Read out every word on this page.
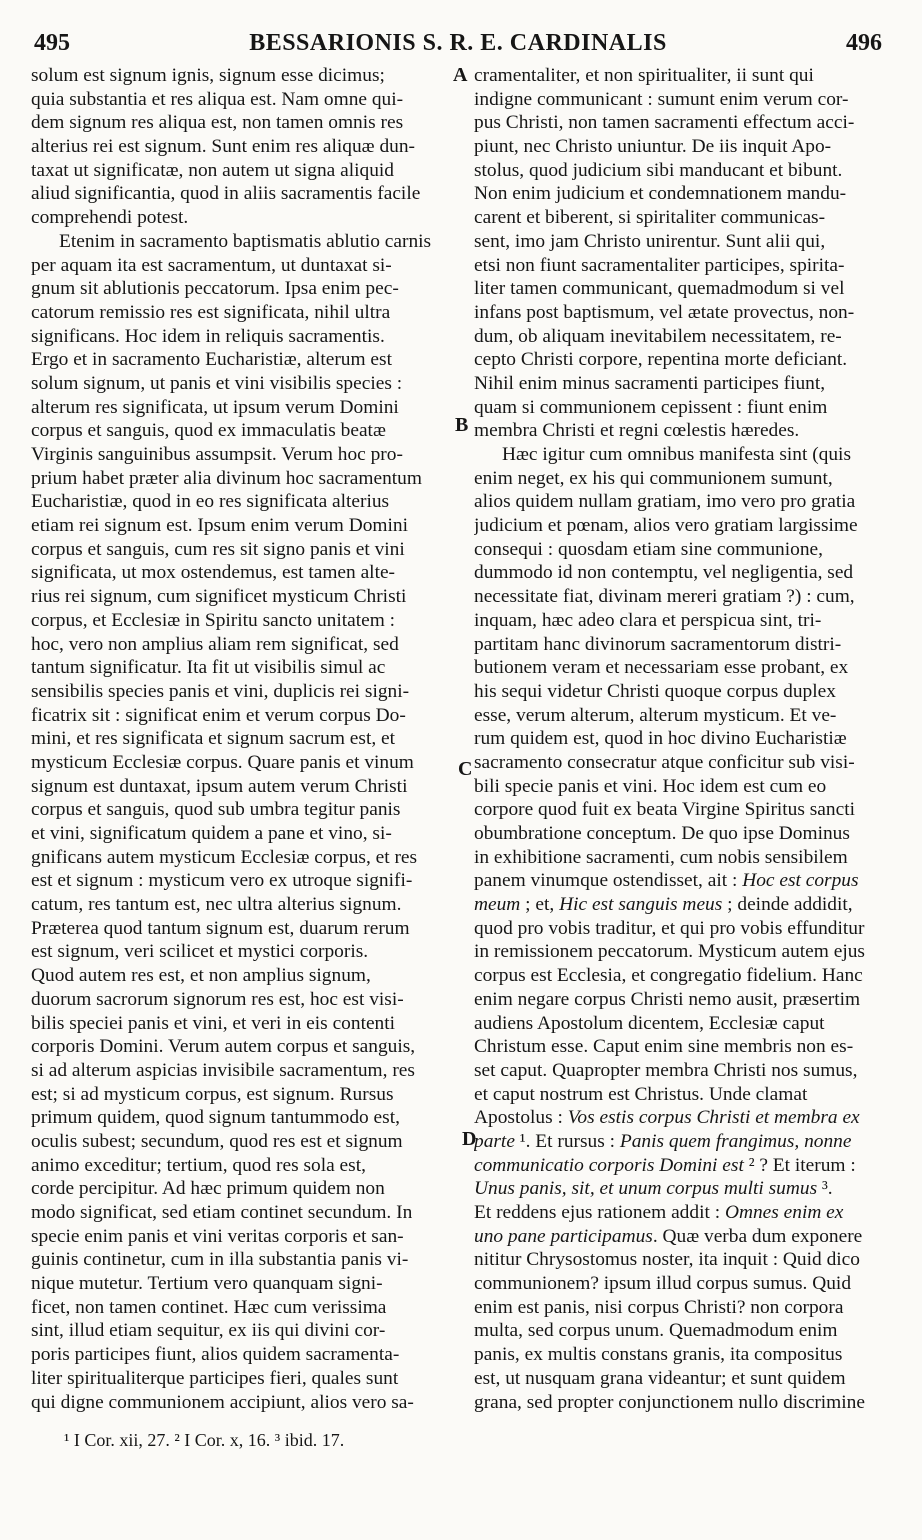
495	BESSARIONIS S. R. E. CARDINALIS	496
solum est signum ignis, signum esse dicimus;
quia substantia et res aliqua est. Nam omne qui-
dem signum res aliqua est, non tamen omnis res
alterius rei est signum. Sunt enim res aliquæ dun-
taxat ut significatæ, non autem ut signa aliquid
aliud significantia, quod in aliis sacramentis facile
comprehendi potest.
Etenim in sacramento baptismatis ablutio carnis
per aquam ita est sacramentum, ut duntaxat si-
gnum sit ablutionis peccatorum. Ipsa enim pec-
catorum remissio res est significata, nihil ultra
significans. Hoc idem in reliquis sacramentis.
Ergo et in sacramento Eucharistiæ, alterum est
solum signum, ut panis et vini visibilis species :
alterum res significata, ut ipsum verum Domini
corpus et sanguis, quod ex immaculatis beatæ
Virginis sanguinibus assumpsit. Verum hoc pro-
prium habet præter alia divinum hoc sacramentum
Eucharistiæ, quod in eo res significata alterius
etiam rei signum est. Ipsum enim verum Domini
corpus et sanguis, cum res sit signo panis et vini
significata, ut mox ostendemus, est tamen alte-
rius rei signum, cum significet mysticum Christi
corpus, et Ecclesiæ in Spiritu sancto unitatem :
hoc, vero non amplius aliam rem significat, sed
tantum significatur. Ita fit ut visibilis simul ac
sensibilis species panis et vini, duplicis rei signi-
ficatrix sit : significat enim et verum corpus Do-
mini, et res significata et signum sacrum est, et
mysticum Ecclesiæ corpus. Quare panis et vinum
signum est duntaxat, ipsum autem verum Christi
corpus et sanguis, quod sub umbra tegitur panis
et vini, significatum quidem a pane et vino, si-
gnificans autem mysticum Ecclesiæ corpus, et res
est et signum : mysticum vero ex utroque signifi-
catum, res tantum est, nec ultra alterius signum.
Præterea quod tantum signum est, duarum rerum
est signum, veri scilicet et mystici corporis.
Quod autem res est, et non amplius signum,
duorum sacrorum signorum res est, hoc est visi-
bilis speciei panis et vini, et veri in eis contenti
corporis Domini. Verum autem corpus et sanguis,
si ad alterum aspicias invisibile sacramentum, res
est; si ad mysticum corpus, est signum. Rursus
primum quidem, quod signum tantummodo est,
oculis subest; secundum, quod res est et signum
animo exceditur; tertium, quod res sola est,
corde percipitur. Ad hæc primum quidem non
modo significat, sed etiam continet secundum. In
specie enim panis et vini veritas corporis et san-
guinis continetur, cum in illa substantia panis vi-
nique mutetur. Tertium vero quanquam signi-
ficet, non tamen continet. Hæc cum verissima
sint, illud etiam sequitur, ex iis qui divini cor-
poris participes fiunt, alios quidem sacramenta-
liter spiritualiterque participes fieri, quales sunt
qui digne communionem accipiunt, alios vero sa-
cramentaliter, et non spiritualiter, ii sunt qui
indigne communicant : sumunt enim verum cor-
pus Christi, non tamen sacramenti effectum acci-
piunt, nec Christo uniuntur. De iis inquit Apo-
stolus, quod judicium sibi manducant et bibunt.
Non enim judicium et condemnationem mandu-
carent et biberent, si spiritaliter communicas-
sent, imo jam Christo unirentur. Sunt alii qui,
etsi non fiunt sacramentaliter participes, spirita-
liter tamen communicant, quemadmodum si vel
infans post baptismum, vel ætate provectus, non-
dum, ob aliquam inevitabilem necessitatem, re-
cepto Christi corpore, repentina morte deficiant.
Nihil enim minus sacramenti participes fiunt,
quam si communionem cepissent : fiunt enim
membra Christi et regni cœlestis hæredes.
Hæc igitur cum omnibus manifesta sint (quis
enim neget, ex his qui communionem sumunt,
alios quidem nullam gratiam, imo vero pro gratia
judicium et pœnam, alios vero gratiam largissime
consequi : quosdam etiam sine communione,
dummodo id non contemptu, vel negligentia, sed
necessitate fiat, divinam mereri gratiam ?) : cum,
inquam, hæc adeo clara et perspicua sint, tri-
partitam hanc divinorum sacramentorum distri-
butionem veram et necessariam esse probant, ex
his sequi videtur Christi quoque corpus duplex
esse, verum alterum, alterum mysticum. Et ve-
rum quidem est, quod in hoc divino Eucharistiæ
sacramento consecratur atque conficitur sub visi-
bili specie panis et vini. Hoc idem est cum eo
corpore quod fuit ex beata Virgine Spiritus sancti
obumbratione conceptum. De quo ipse Dominus
in exhibitione sacramenti, cum nobis sensibilem
panem vinumque ostendisset, ait : Hoc est corpus
meum ; et, Hic est sanguis meus ; deinde addidit,
quod pro vobis traditur, et qui pro vobis effunditur
in remissionem peccatorum. Mysticum autem ejus
corpus est Ecclesia, et congregatio fidelium. Hanc
enim negare corpus Christi nemo ausit, præsertim
audiens Apostolum dicentem, Ecclesiæ caput
Christum esse. Caput enim sine membris non es-
set caput. Quapropter membra Christi nos sumus,
et caput nostrum est Christus. Unde clamat
Apostolus : Vos estis corpus Christi et membra ex
parte ¹. Et rursus : Panis quem frangimus, nonne
communicatio corporis Domini est ² ? Et iterum :
Unus panis, sit, et unum corpus multi sumus ³.
Et reddens ejus rationem addit : Omnes enim ex
uno pane participamus. Quæ verba dum exponere
nititur Chrysostomus noster, ita inquit : Quid dico
communionem? ipsum illud corpus sumus. Quid
enim est panis, nisi corpus Christi? non corpora
multa, sed corpus unum. Quemadmodum enim
panis, ex multis constans granis, ita compositus
est, ut nusquam grana videantur; et sunt quidem
grana, sed propter conjunctionem nullo discrimine
A
B
C
D
¹ I Cor. xii, 27. ² I Cor. x, 16. ³ ibid. 17.
